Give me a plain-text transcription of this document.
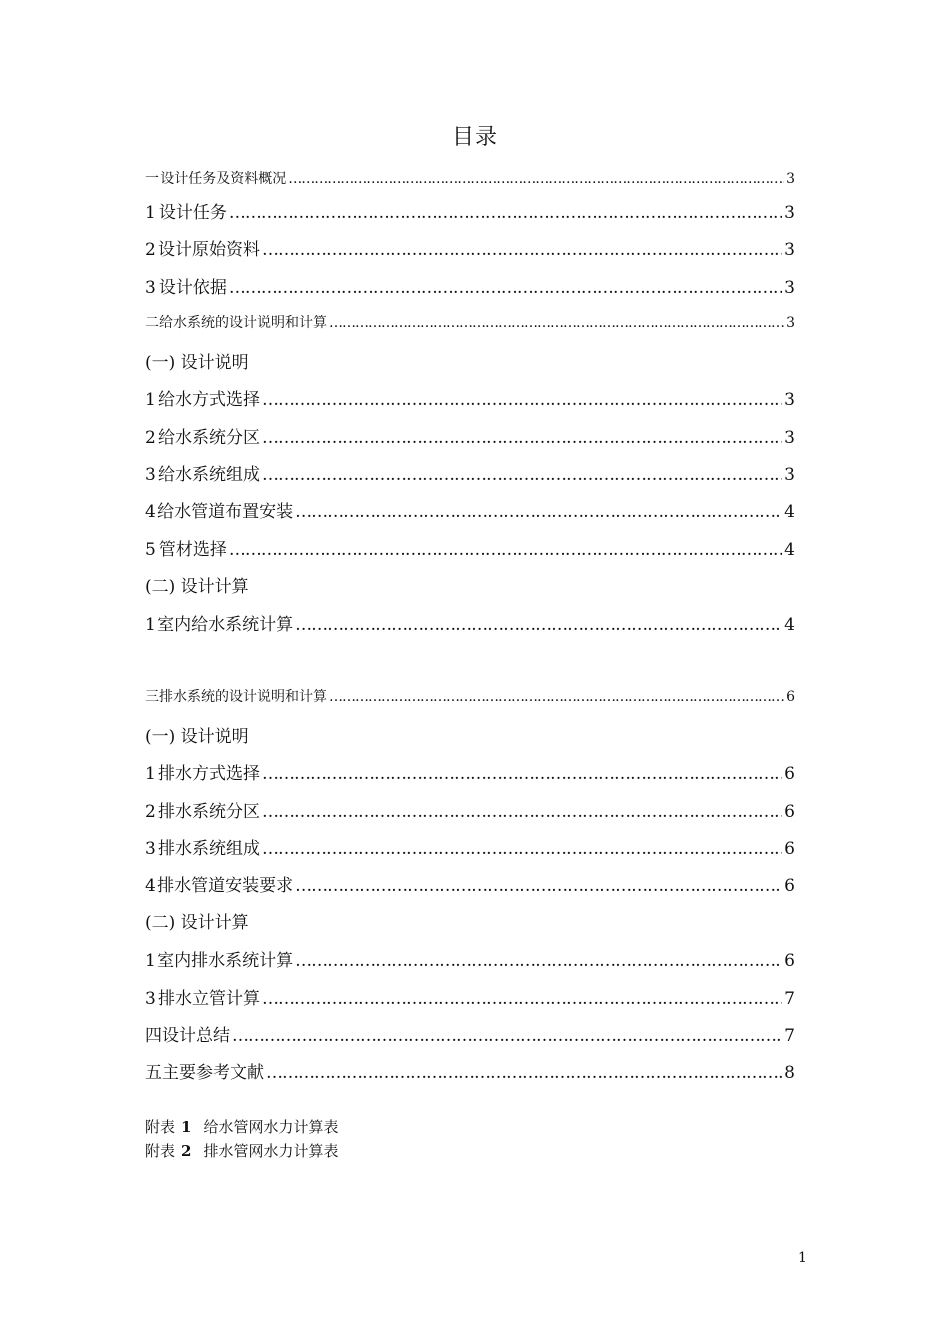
目录
一 设计任务及资料概况 …………………………………………………………………………………………………………………………………………………………………………………………	3
1 设计任务 …………………………………………………………………………………………………………………………………………………………………………………………	3
2 设计原始资料 …………………………………………………………………………………………………………………………………………………………………………………………	3
3 设计依据 …………………………………………………………………………………………………………………………………………………………………………………………	3
二给水系统的设计说明和计算 …………………………………………………………………………………………………………………………………………………………………………………………	3
(一) 设计说明
1 给水方式选择 …………………………………………………………………………………………………………………………………………………………………………………………	3
2 给水系统分区 …………………………………………………………………………………………………………………………………………………………………………………………	3
3 给水系统组成 …………………………………………………………………………………………………………………………………………………………………………………………	3
4 给水管道布置安装 …………………………………………………………………………………………………………………………………………………………………………………………	4
5 管材选择 …………………………………………………………………………………………………………………………………………………………………………………………	4
(二) 设计计算
1 室内给水系统计算 …………………………………………………………………………………………………………………………………………………………………………………………	4
三排水系统的设计说明和计算 …………………………………………………………………………………………………………………………………………………………………………………………	6
(一) 设计说明
1 排水方式选择 …………………………………………………………………………………………………………………………………………………………………………………………	6
2 排水系统分区 …………………………………………………………………………………………………………………………………………………………………………………………	6
3 排水系统组成 …………………………………………………………………………………………………………………………………………………………………………………………	6
4 排水管道安装要求 …………………………………………………………………………………………………………………………………………………………………………………………	6
(二) 设计计算
1 室内排水系统计算 …………………………………………………………………………………………………………………………………………………………………………………………	6
3 排水立管计算 …………………………………………………………………………………………………………………………………………………………………………………………	7
四 设计总结 …………………………………………………………………………………………………………………………………………………………………………………………	7
五 主要参考文献 …………………………………………………………………………………………………………………………………………………………………………………………	8
附表 1 给水管网水力计算表
附表 2 排水管网水力计算表
1
